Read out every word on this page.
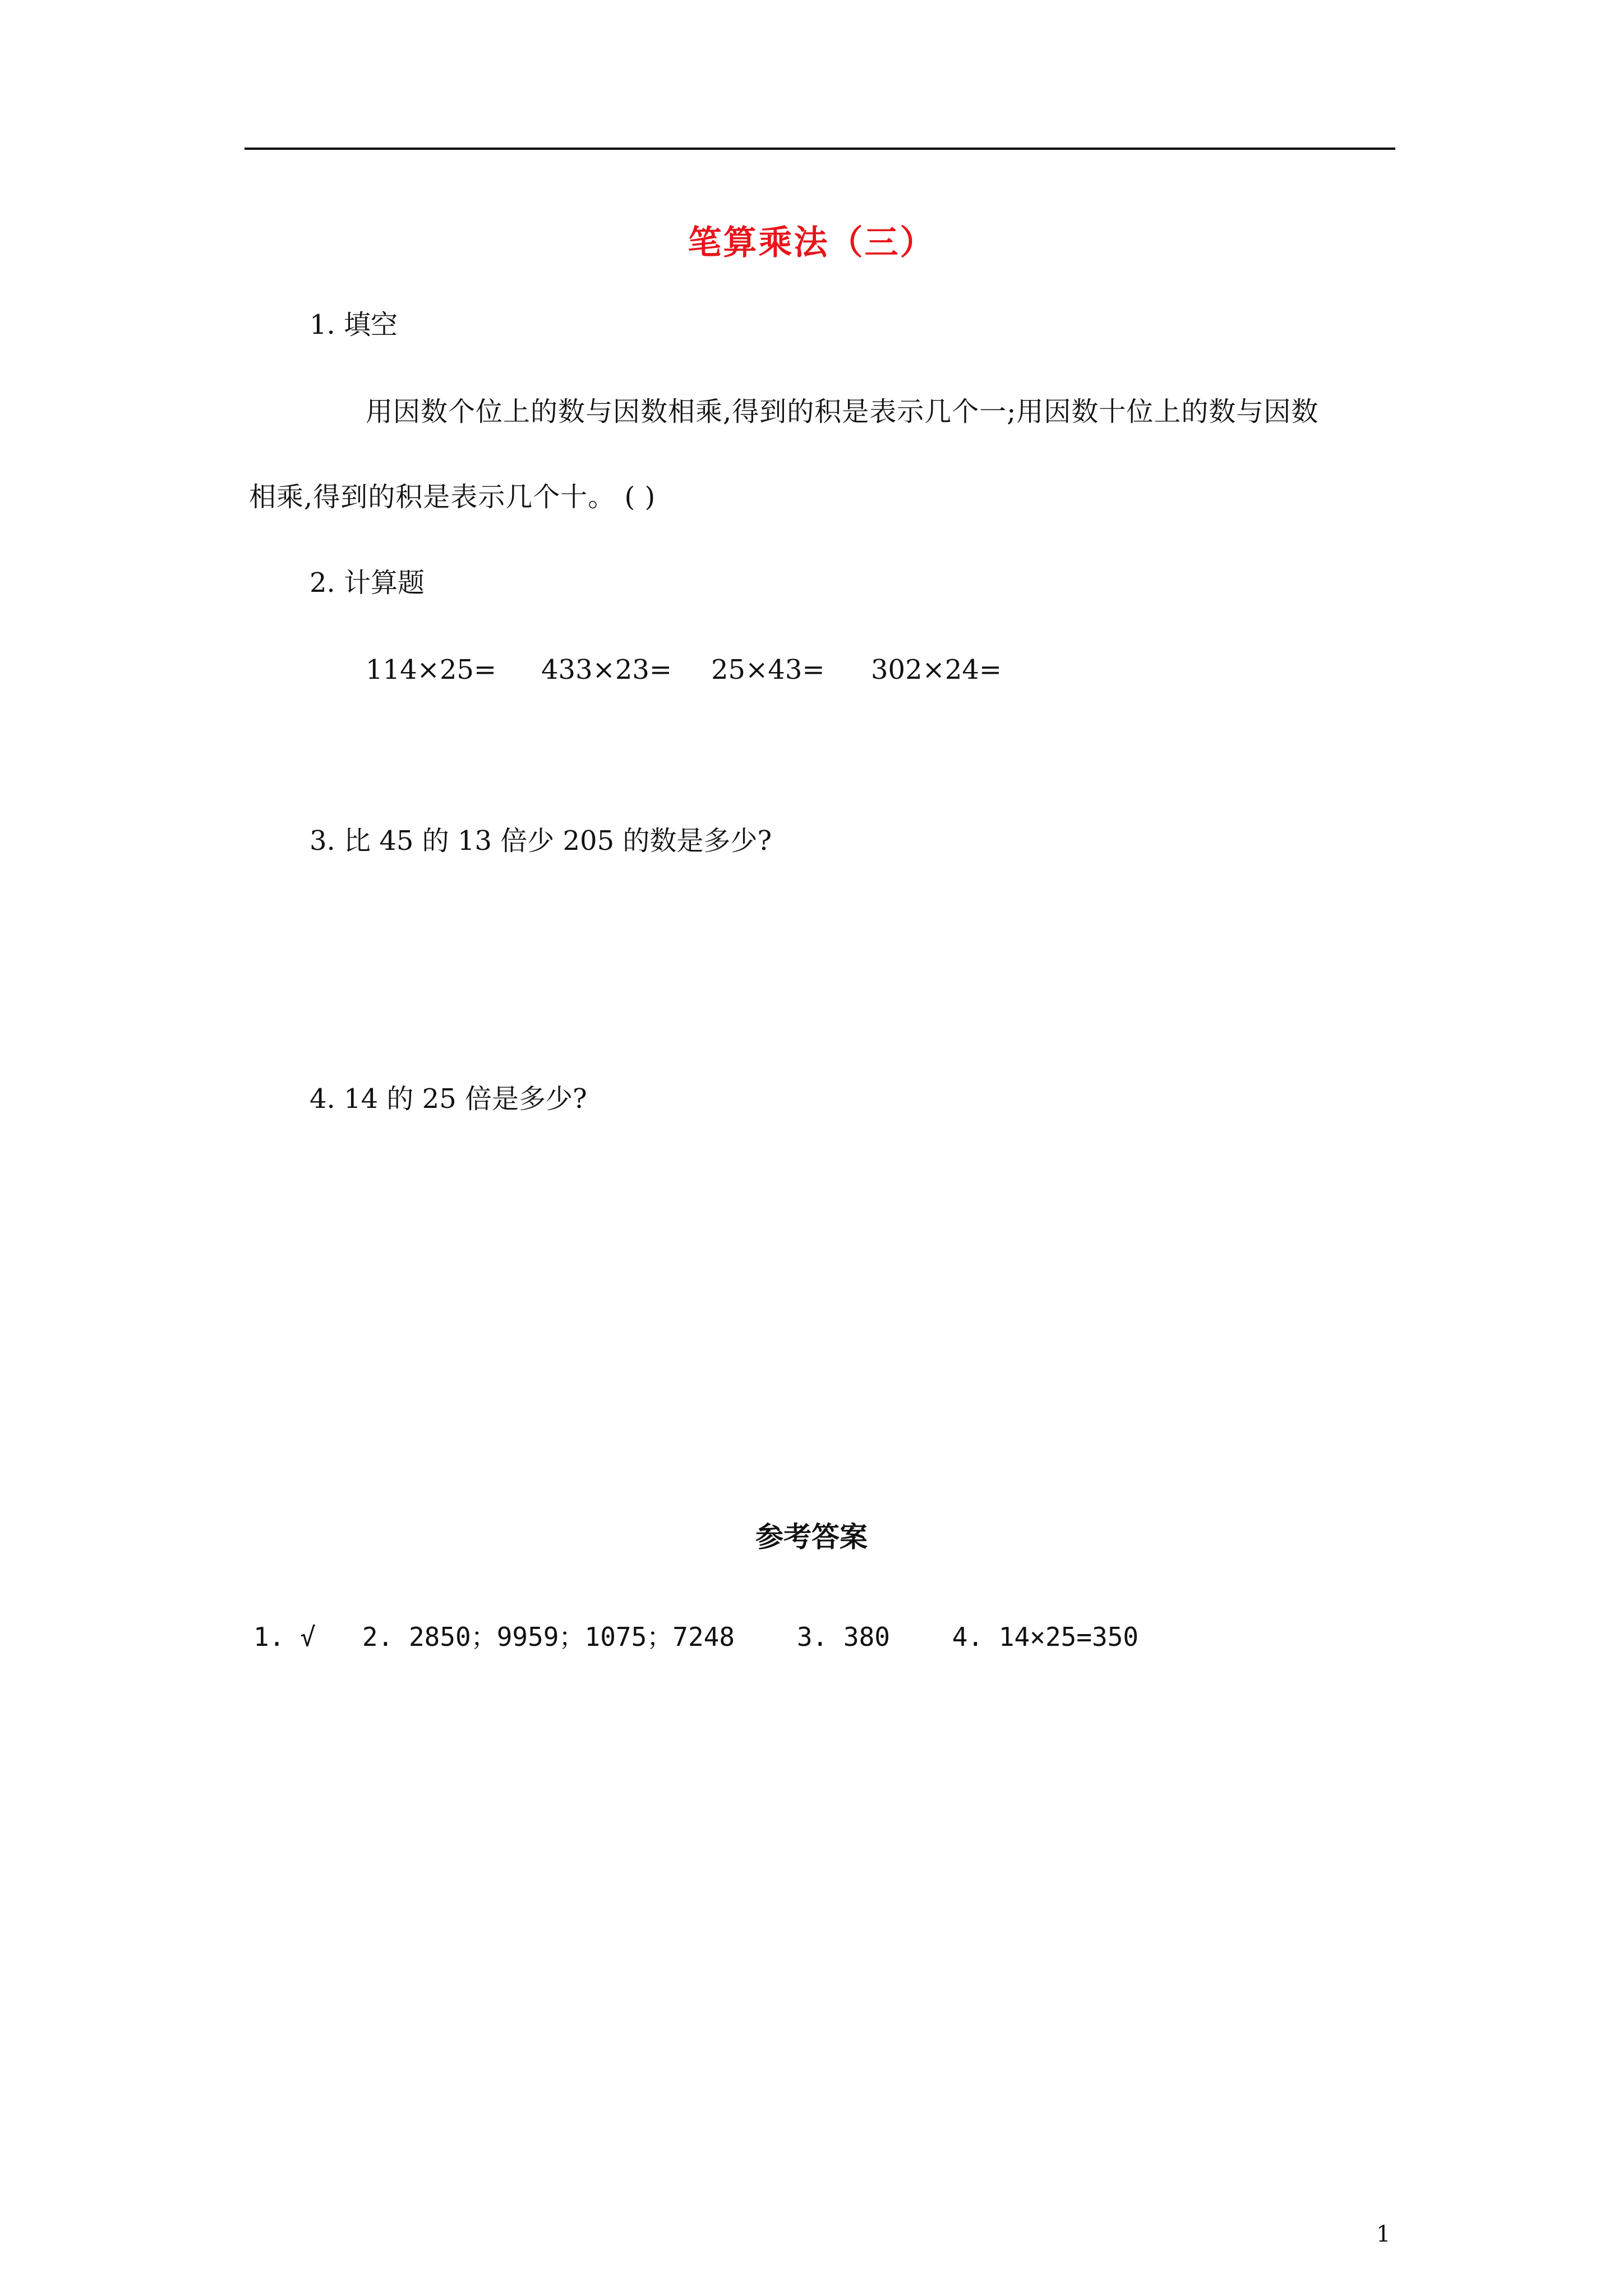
笔算乘法（三）
1. 填空
用因数个位上的数与因数相乘,得到的积是表示几个一;用因数十位上的数与因数
相乘,得到的积是表示几个十。 ( )
2. 计算题
114×25= 433×23= 25×43= 302×24=
3. 比 45 的 13 倍少 205 的数是多少?
4. 14 的 25 倍是多少?
参考答案
1. √   2. 2850；9959；1075；7248    3. 380    4. 14×25=350
1
